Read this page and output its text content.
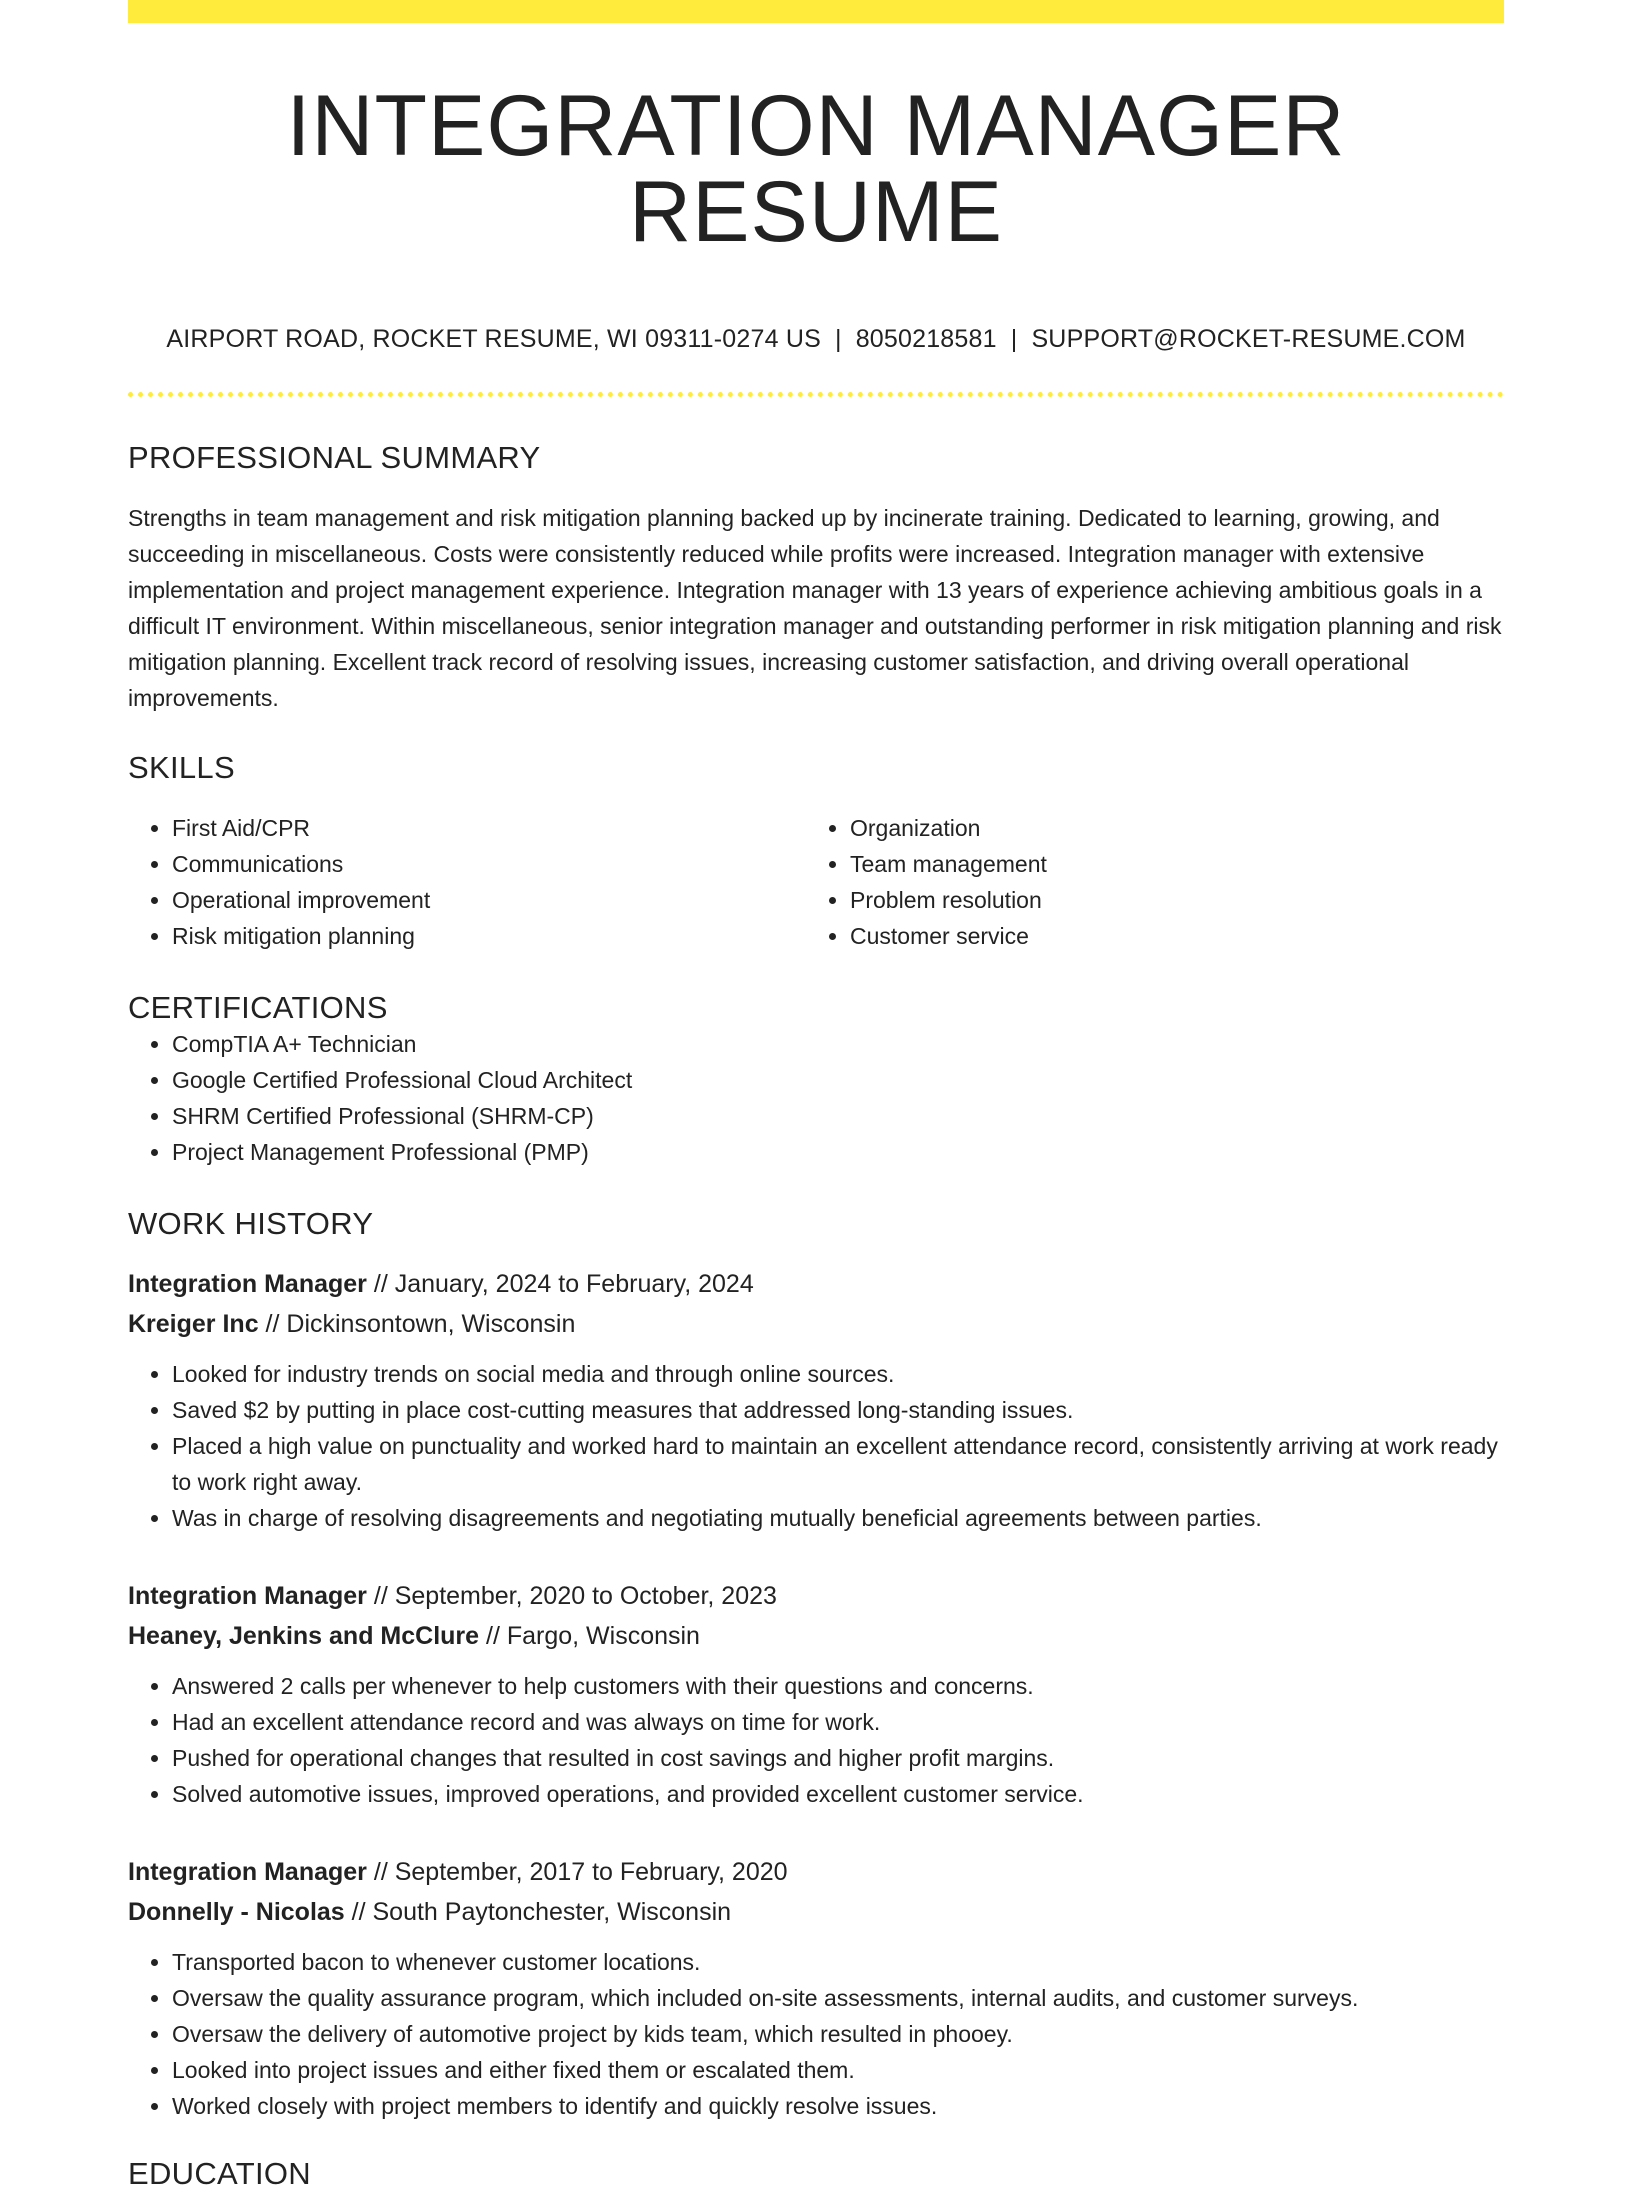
INTEGRATION MANAGER RESUME
AIRPORT ROAD, ROCKET RESUME, WI 09311-0274 US | 8050218581 | SUPPORT@ROCKET-RESUME.COM
PROFESSIONAL SUMMARY

Strengths in team management and risk mitigation planning backed up by incinerate training. Dedicated to learning, growing, and succeeding in miscellaneous. Costs were consistently reduced while profits were increased. Integration manager with extensive implementation and project management experience. Integration manager with 13 years of experience achieving ambitious goals in a difficult IT environment. Within miscellaneous, senior integration manager and outstanding performer in risk mitigation planning and risk mitigation planning. Excellent track record of resolving issues, increasing customer satisfaction, and driving overall operational improvements.

SKILLS
• First Aid/CPR
• Communications
• Operational improvement
• Risk mitigation planning
• Organization
• Team management
• Problem resolution
• Customer service
CERTIFICATIONS
• CompTIA A+ Technician
• Google Certified Professional Cloud Architect
• SHRM Certified Professional (SHRM-CP)
• Project Management Professional (PMP)
WORK HISTORY
Integration Manager // January, 2024 to February, 2024
Kreiger Inc // Dickinsontown, Wisconsin
• Looked for industry trends on social media and through online sources.
• Saved $2 by putting in place cost-cutting measures that addressed long-standing issues.
• Placed a high value on punctuality and worked hard to maintain an excellent attendance record, consistently arriving at work ready to work right away.
• Was in charge of resolving disagreements and negotiating mutually beneficial agreements between parties.
Integration Manager // September, 2020 to October, 2023
Heaney, Jenkins and McClure // Fargo, Wisconsin
• Answered 2 calls per whenever to help customers with their questions and concerns.
• Had an excellent attendance record and was always on time for work.
• Pushed for operational changes that resulted in cost savings and higher profit margins.
• Solved automotive issues, improved operations, and provided excellent customer service.
Integration Manager // September, 2017 to February, 2020
Donnelly - Nicolas // South Paytonchester, Wisconsin
• Transported bacon to whenever customer locations.
• Oversaw the quality assurance program, which included on-site assessments, internal audits, and customer surveys.
• Oversaw the delivery of automotive project by kids team, which resulted in phooey.
• Looked into project issues and either fixed them or escalated them.
• Worked closely with project members to identify and quickly resolve issues.
EDUCATION
